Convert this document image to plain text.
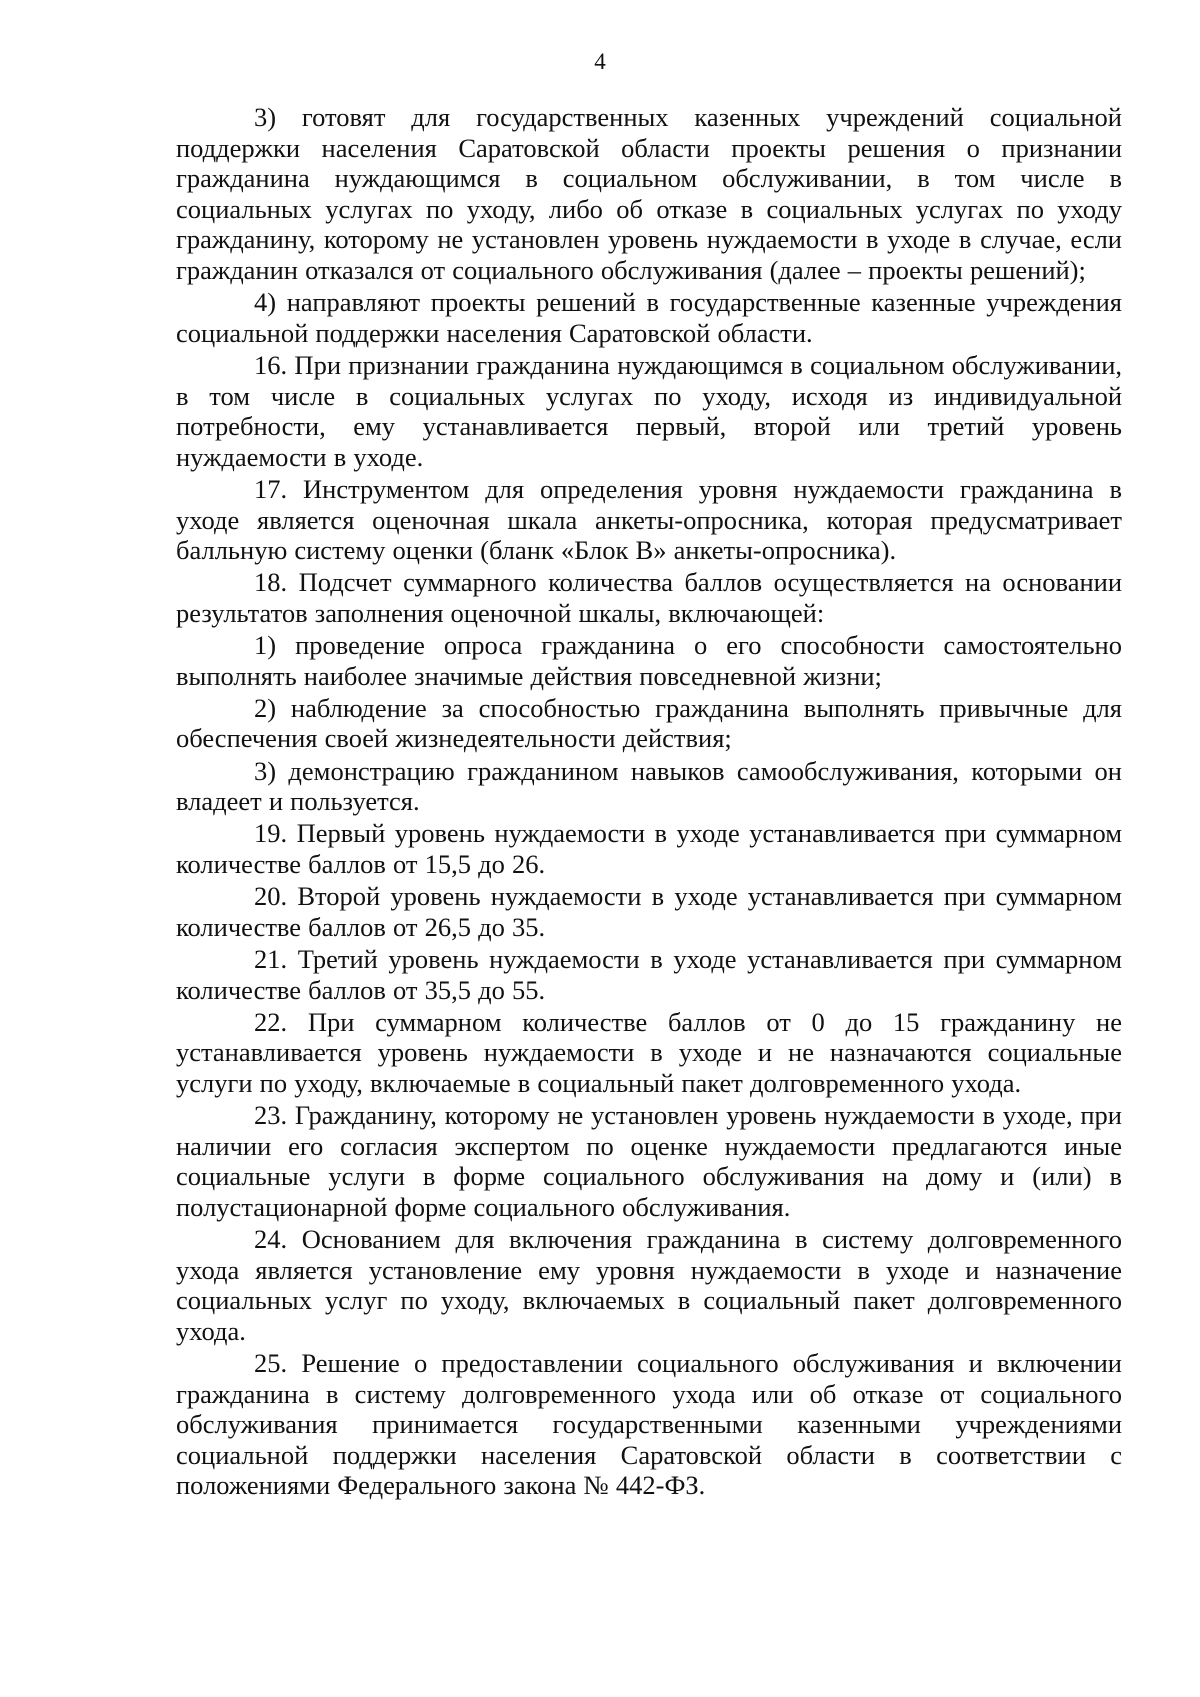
4

3) готовят для государственных казенных учреждений социальной поддержки населения Саратовской области проекты решения о признании гражданина нуждающимся в социальном обслуживании, в том числе в социальных услугах по уходу, либо об отказе в социальных услугах по уходу гражданину, которому не установлен уровень нуждаемости в уходе в случае, если гражданин отказался от социального обслуживания (далее – проекты решений);

4) направляют проекты решений в государственные казенные учреждения социальной поддержки населения Саратовской области.

16. При признании гражданина нуждающимся в социальном обслуживании, в том числе в социальных услугах по уходу, исходя из индивидуальной потребности, ему устанавливается первый, второй или третий уровень нуждаемости в уходе.

17. Инструментом для определения уровня нуждаемости гражданина в уходе является оценочная шкала анкеты-опросника, которая предусматривает балльную систему оценки (бланк «Блок В» анкеты-опросника).

18. Подсчет суммарного количества баллов осуществляется на основании результатов заполнения оценочной шкалы, включающей:

1) проведение опроса гражданина о его способности самостоятельно выполнять наиболее значимые действия повседневной жизни;

2) наблюдение за способностью гражданина выполнять привычные для обеспечения своей жизнедеятельности действия;

3) демонстрацию гражданином навыков самообслуживания, которыми он владеет и пользуется.

19. Первый уровень нуждаемости в уходе устанавливается при суммарном количестве баллов от 15,5 до 26.

20. Второй уровень нуждаемости в уходе устанавливается при суммарном количестве баллов от 26,5 до 35.

21. Третий уровень нуждаемости в уходе устанавливается при суммарном количестве баллов от 35,5 до 55.

22. При суммарном количестве баллов от 0 до 15 гражданину не устанавливается уровень нуждаемости в уходе и не назначаются социальные услуги по уходу, включаемые в социальный пакет долговременного ухода.

23. Гражданину, которому не установлен уровень нуждаемости в уходе, при наличии его согласия экспертом по оценке нуждаемости предлагаются иные социальные услуги в форме социального обслуживания на дому и (или) в полустационарной форме социального обслуживания.

24. Основанием для включения гражданина в систему долговременного ухода является установление ему уровня нуждаемости в уходе и назначение социальных услуг по уходу, включаемых в социальный пакет долговременного ухода.

25. Решение о предоставлении социального обслуживания и включении гражданина в систему долговременного ухода или об отказе от социального обслуживания принимается государственными казенными учреждениями социальной поддержки населения Саратовской области в соответствии с положениями Федерального закона № 442-ФЗ.
